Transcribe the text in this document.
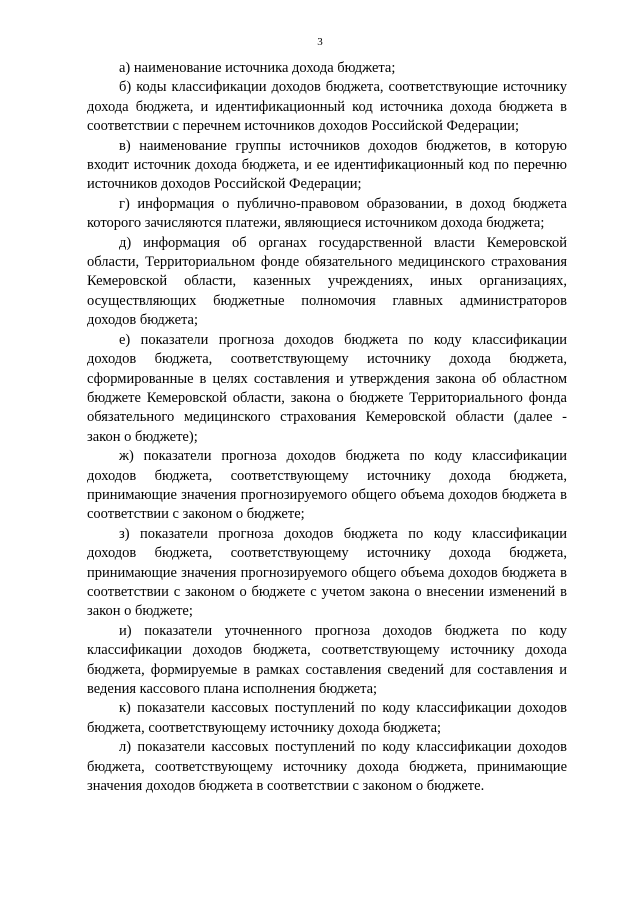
3

а) наименование источника дохода бюджета;

б) коды классификации доходов бюджета, соответствующие источнику дохода бюджета, и идентификационный код источника дохода бюджета в соответствии с перечнем источников доходов Российской Федерации;

в) наименование группы источников доходов бюджетов, в которую входит источник дохода бюджета, и ее идентификационный код по перечню источников доходов Российской Федерации;

г) информация о публично-правовом образовании, в доход бюджета которого зачисляются платежи, являющиеся источником дохода бюджета;

д) информация об органах государственной власти Кемеровской области, Территориальном фонде обязательного медицинского страхования Кемеровской области, казенных учреждениях, иных организациях, осуществляющих бюджетные полномочия главных администраторов доходов бюджета;

е) показатели прогноза доходов бюджета по коду классификации доходов бюджета, соответствующему источнику дохода бюджета, сформированные в целях составления и утверждения закона об областном бюджете Кемеровской области, закона о бюджете Территориального фонда обязательного медицинского страхования Кемеровской области (далее - закон о бюджете);

ж) показатели прогноза доходов бюджета по коду классификации доходов бюджета, соответствующему источнику дохода бюджета, принимающие значения прогнозируемого общего объема доходов бюджета в соответствии с законом о бюджете;

з) показатели прогноза доходов бюджета по коду классификации доходов бюджета, соответствующему источнику дохода бюджета, принимающие значения прогнозируемого общего объема доходов бюджета в соответствии с законом о бюджете с учетом закона о внесении изменений в закон о бюджете;

и) показатели уточненного прогноза доходов бюджета по коду классификации доходов бюджета, соответствующему источнику дохода бюджета, формируемые в рамках составления сведений для составления и ведения кассового плана исполнения бюджета;

к) показатели кассовых поступлений по коду классификации доходов бюджета, соответствующему источнику дохода бюджета;

л) показатели кассовых поступлений по коду классификации доходов бюджета, соответствующему источнику дохода бюджета, принимающие значения доходов бюджета в соответствии с законом о бюджете.
